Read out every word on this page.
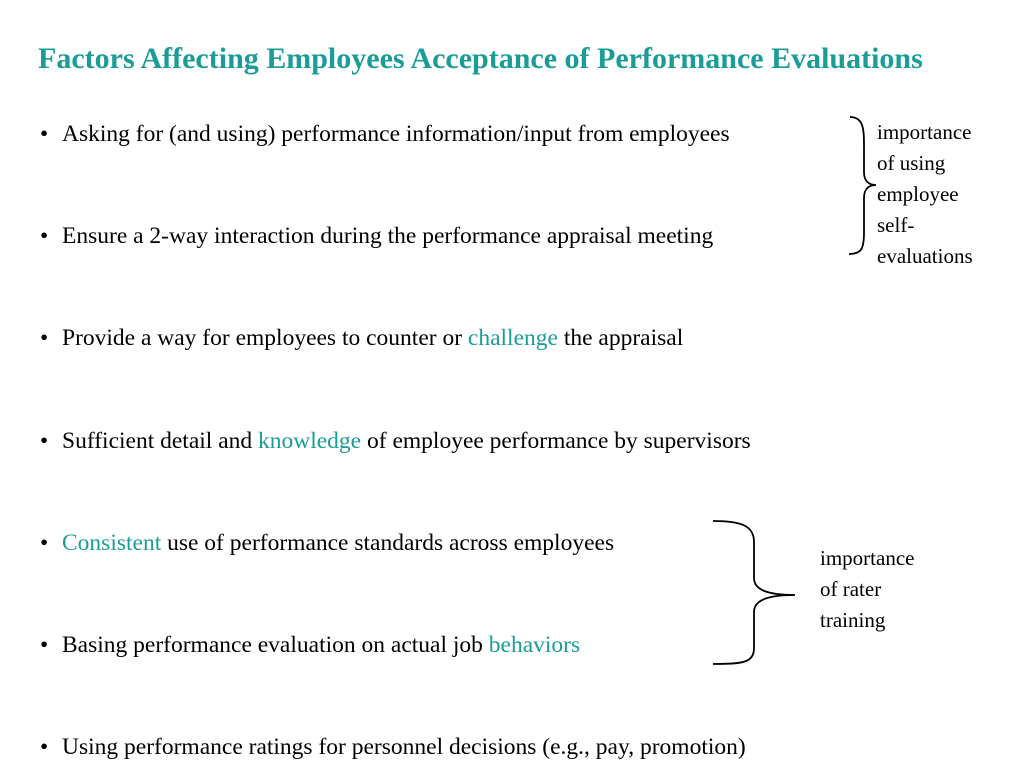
Factors Affecting Employees Acceptance of Performance Evaluations
• Asking for (and using) performance information/input from employees
• Ensure a 2-way interaction during the performance appraisal meeting
• Provide a way for employees to counter or challenge the appraisal
• Sufficient detail and knowledge of employee performance by supervisors
• Consistent use of performance standards across employees
• Basing performance evaluation on actual job behaviors
• Using performance ratings for personnel decisions (e.g., pay, promotion)
importance
of using
employee
self-
evaluations
importance
of rater
training
